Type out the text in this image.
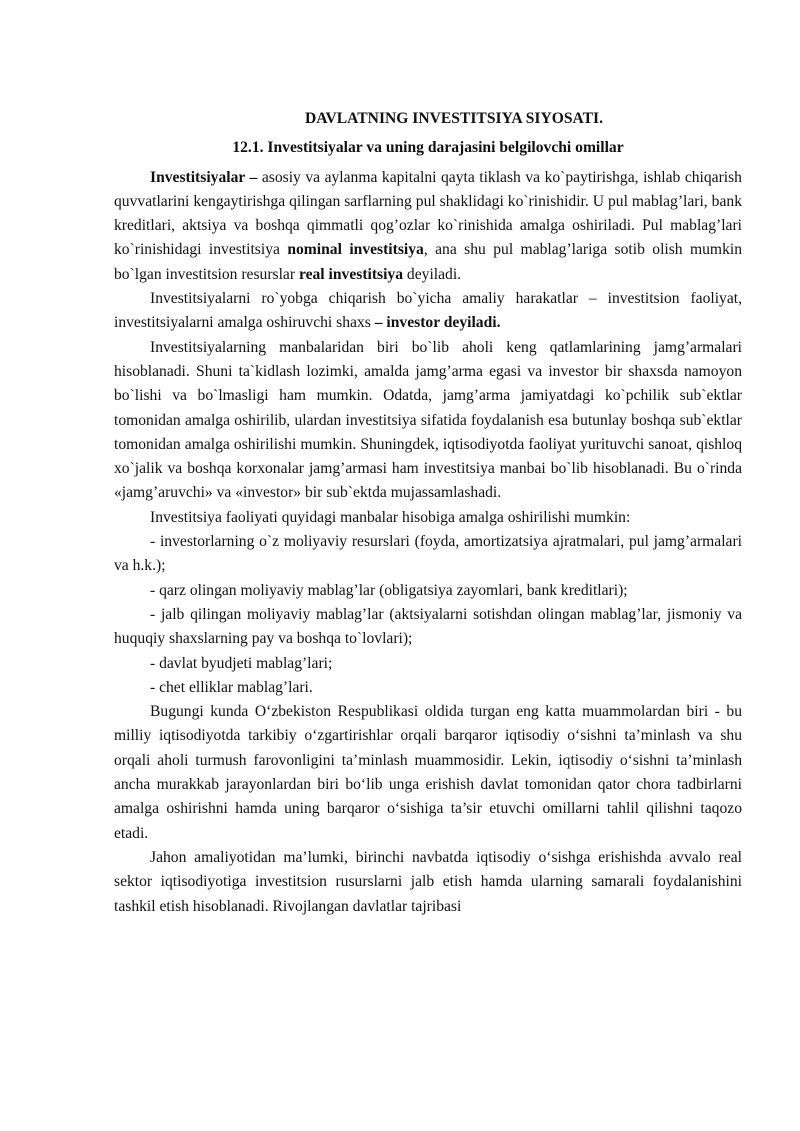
DAVLATNING INVESTITSIYA SIYOSATI.
12.1. Investitsiyalar va uning darajasini belgilovchi omillar

Investitsiyalar – asosiy va aylanma kapitalni qayta tiklash va ko`paytirishga, ishlab chiqarish quvvatlarini kengaytirishga qilingan sarflarning pul shaklidagi ko`rinishidir. U pul mablag’lari, bank kreditlari, aktsiya va boshqa qimmatli qog’ozlar ko`rinishida amalga oshiriladi. Pul mablag’lari ko`rinishidagi investitsiya nominal investitsiya, ana shu pul mablag’lariga sotib olish mumkin bo`lgan investitsion resurslar real investitsiya deyiladi.

Investitsiyalarni ro`yobga chiqarish bo`yicha amaliy harakatlar – investitsion faoliyat, investitsiyalarni amalga oshiruvchi shaxs – investor deyiladi.

Investitsiyalarning manbalaridan biri bo`lib aholi keng qatlamlarining jamg’armalari hisoblanadi. Shuni ta`kidlash lozimki, amalda jamg’arma egasi va investor bir shaxsda namoyon bo`lishi va bo`lmasligi ham mumkin. Odatda, jamg’arma jamiyatdagi ko`pchilik sub`ektlar tomonidan amalga oshirilib, ulardan investitsiya sifatida foydalanish esa butunlay boshqa sub`ektlar tomonidan amalga oshirilishi mumkin. Shuningdek, iqtisodiyotda faoliyat yurituvchi sanoat, qishloq xo`jalik va boshqa korxonalar jamg’armasi ham investitsiya manbai bo`lib hisoblanadi. Bu o`rinda «jamg’aruvchi» va «investor» bir sub`ektda mujassamlashadi.

Investitsiya faoliyati quyidagi manbalar hisobiga amalga oshirilishi mumkin:

- investorlarning o`z moliyaviy resurslari (foyda, amortizatsiya ajratmalari, pul jamg’armalari va h.k.);

- qarz olingan moliyaviy mablag’lar (obligatsiya zayomlari, bank kreditlari);

- jalb qilingan moliyaviy mablag’lar (aktsiyalarni sotishdan olingan mablag’lar, jismoniy va huquqiy shaxslarning pay va boshqa to`lovlari);

- davlat byudjeti mablag’lari;

- chet elliklar mablag’lari.

Bugungi kunda O‘zbekiston Respublikasi oldida turgan eng katta muammolardan biri - bu milliy iqtisodiyotda tarkibiy o‘zgartirishlar orqali barqaror iqtisodiy o‘sishni ta’minlash va shu orqali aholi turmush farovonligini ta’minlash muammosidir. Lekin, iqtisodiy o‘sishni ta’minlash ancha murakkab jarayonlardan biri bo‘lib unga erishish davlat tomonidan qator chora tadbirlarni amalga oshirishni hamda uning barqaror o‘sishiga ta’sir etuvchi omillarni tahlil qilishni taqozo etadi.

Jahon amaliyotidan ma’lumki, birinchi navbatda iqtisodiy o‘sishga erishishda avvalo real sektor iqtisodiyotiga investitsion rusurslarni jalb etish hamda ularning samarali foydalanishini tashkil etish hisoblanadi. Rivojlangan davlatlar tajribasi
